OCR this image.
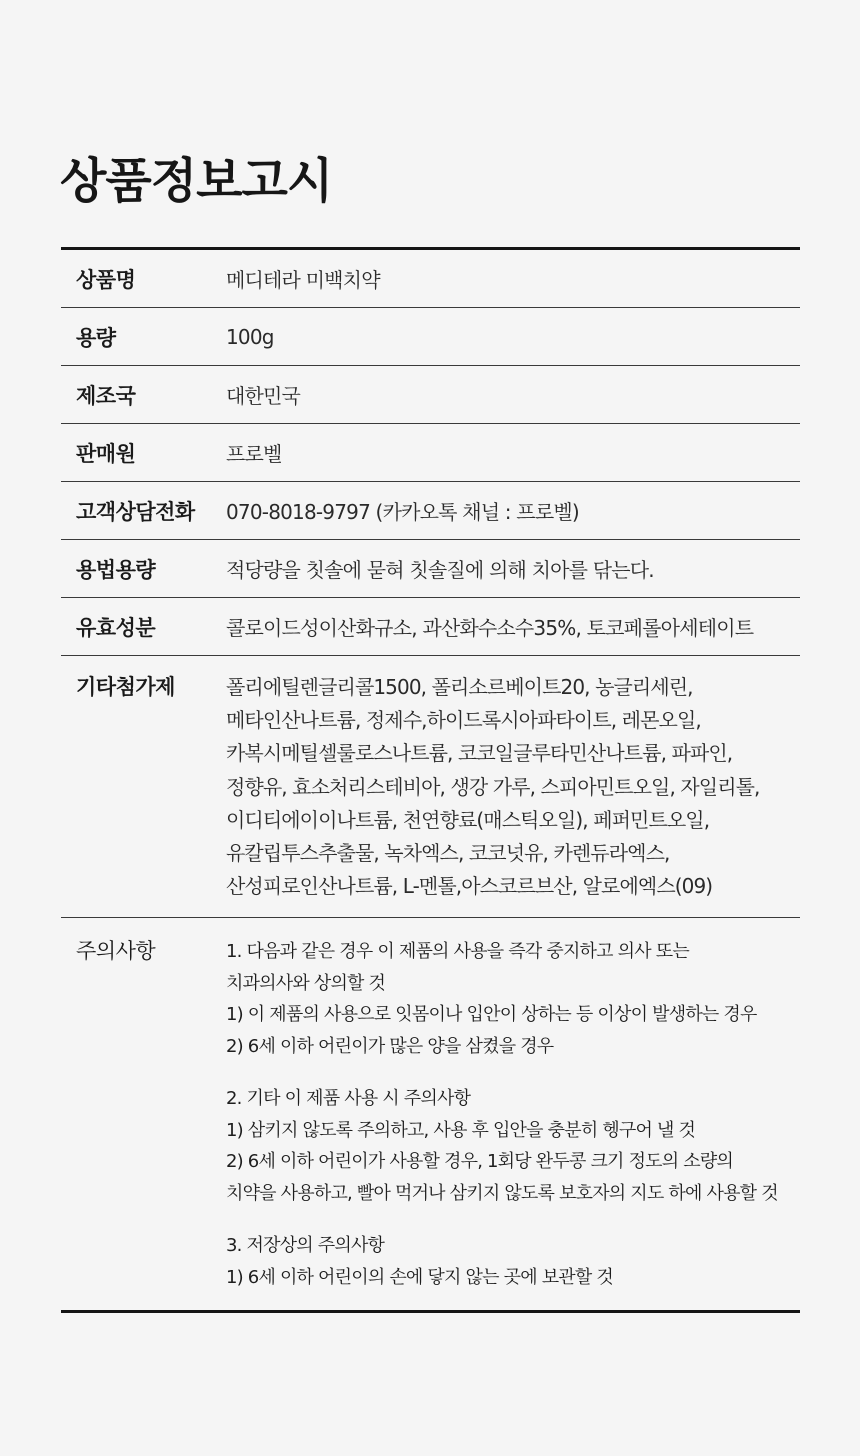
상품정보고시
상품명	메디테라 미백치약
용량	100g
제조국	대한민국
판매원	프로벨
고객상담전화	070-8018-9797 (카카오톡 채널 : 프로벨)
용법용량	적당량을 칫솔에 묻혀 칫솔질에 의해 치아를 닦는다.
유효성분	콜로이드성이산화규소, 과산화수소수35%, 토코페롤아세테이트
기타첨가제	폴리에틸렌글리콜1500, 폴리소르베이트20, 농글리세린,
메타인산나트륨, 정제수,하이드록시아파타이트, 레몬오일,
카복시메틸셀룰로스나트륨, 코코일글루타민산나트륨, 파파인,
정향유, 효소처리스테비아, 생강 가루, 스피아민트오일, 자일리톨,
이디티에이이나트륨, 천연향료(매스틱오일), 페퍼민트오일,
유칼립투스추출물, 녹차엑스, 코코넛유, 카렌듀라엑스,
산성피로인산나트륨, L-멘톨,아스코르브산, 알로에엑스(09)
주의사항	1. 다음과 같은 경우 이 제품의 사용을 즉각 중지하고 의사 또는
치과의사와 상의할 것
1) 이 제품의 사용으로 잇몸이나 입안이 상하는 등 이상이 발생하는 경우
2) 6세 이하 어린이가 많은 양을 삼켰을 경우
2. 기타 이 제품 사용 시 주의사항
1) 삼키지 않도록 주의하고, 사용 후 입안을 충분히 헹구어 낼 것
2) 6세 이하 어린이가 사용할 경우, 1회당 완두콩 크기 정도의 소량의
치약을 사용하고, 빨아 먹거나 삼키지 않도록 보호자의 지도 하에 사용할 것
3. 저장상의 주의사항
1) 6세 이하 어린이의 손에 닿지 않는 곳에 보관할 것
